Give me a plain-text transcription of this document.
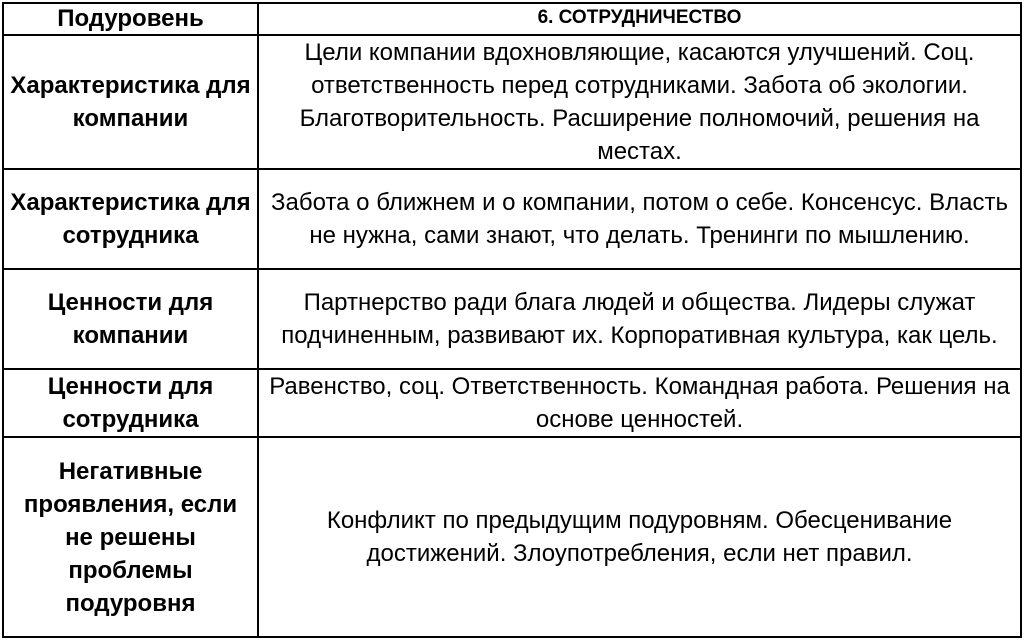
Подуровень	6. СОТРУДНИЧЕСТВО
Характеристика для компании	Цели компании вдохновляющие, касаются улучшений. Соц. ответственность перед сотрудниками. Забота об экологии. Благотворительность. Расширение полномочий, решения на местах.
Характеристика для сотрудника	Забота о ближнем и о компании, потом о себе. Консенсус. Власть не нужна, сами знают, что делать. Тренинги по мышлению.
Ценности для компании	Партнерство ради блага людей и общества. Лидеры служат подчиненным, развивают их. Корпоративная культура, как цель.
Ценности для сотрудника	Равенство, соц. Ответственность. Командная работа. Решения на основе ценностей.
Негативные проявления, если не решены проблемы подуровня	Конфликт по предыдущим подуровням. Обесценивание достижений. Злоупотребления, если нет правил.
